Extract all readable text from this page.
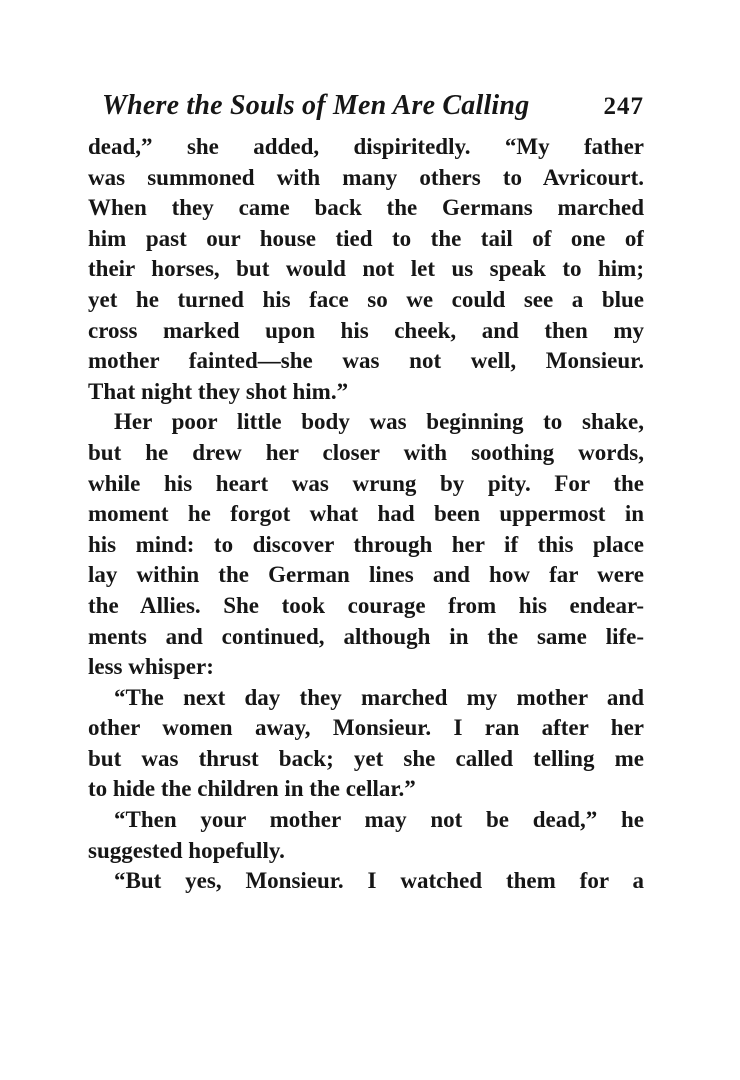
Where the Souls of Men Are Calling	247
dead,” she added, dispiritedly. “My father
was summoned with many others to Avricourt.
When they came back the Germans marched
him past our house tied to the tail of one of
their horses, but would not let us speak to him;
yet he turned his face so we could see a blue
cross marked upon his cheek, and then my
mother fainted—she was not well, Monsieur.
That night they shot him.”
Her poor little body was beginning to shake,
but he drew her closer with soothing words,
while his heart was wrung by pity. For the
moment he forgot what had been uppermost in
his mind: to discover through her if this place
lay within the German lines and how far were
the Allies. She took courage from his endear-
ments and continued, although in the same life-
less whisper:
“The next day they marched my mother and
other women away, Monsieur. I ran after her
but was thrust back; yet she called telling me
to hide the children in the cellar.”
“Then your mother may not be dead,” he
suggested hopefully.
“But yes, Monsieur. I watched them for a
